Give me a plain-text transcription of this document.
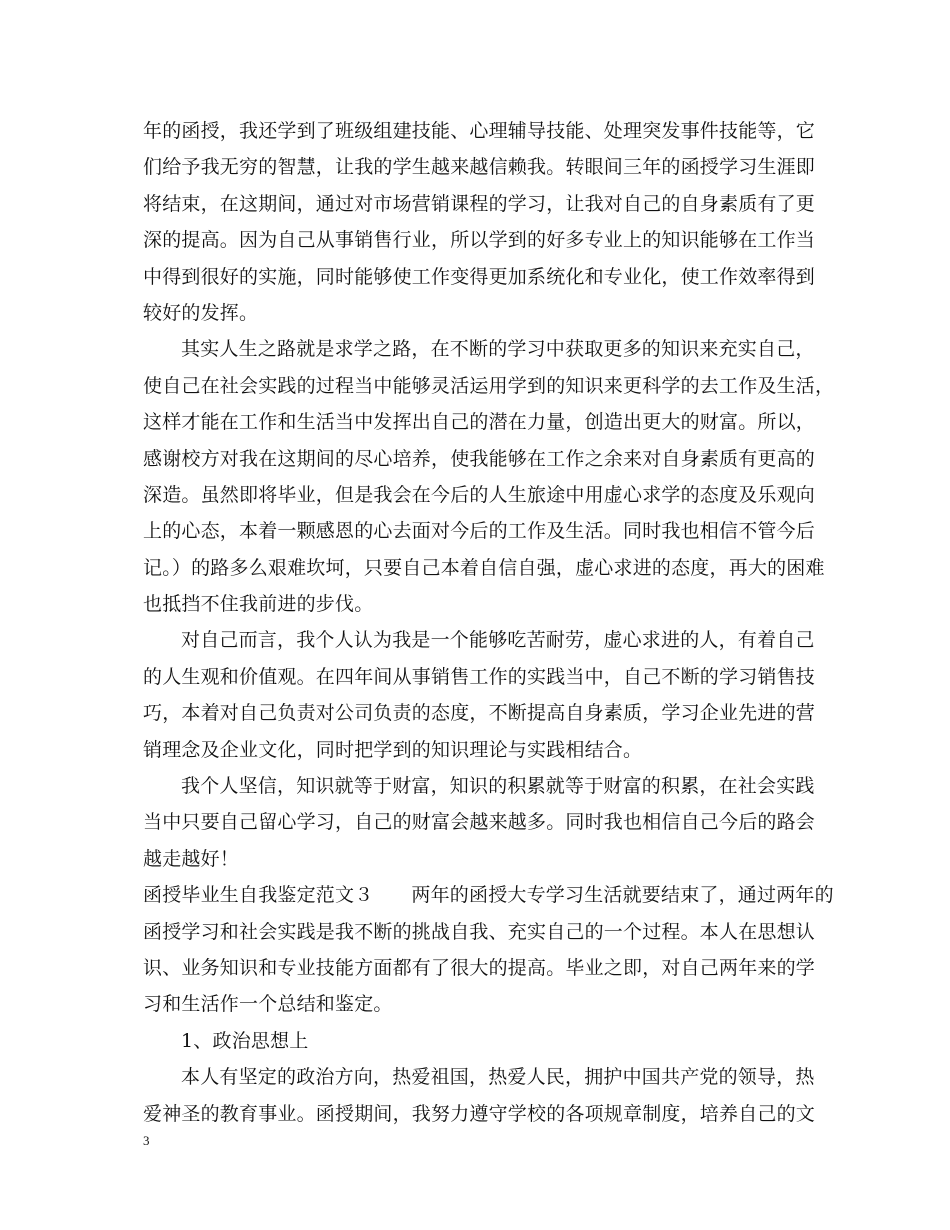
年的函授，我还学到了班级组建技能、心理辅导技能、处理突发事件技能等，它
们给予我无穷的智慧，让我的学生越来越信赖我。转眼间三年的函授学习生涯即
将结束，在这期间，通过对市场营销课程的学习，让我对自己的自身素质有了更
深的提高。因为自己从事销售行业，所以学到的好多专业上的知识能够在工作当
中得到很好的实施，同时能够使工作变得更加系统化和专业化，使工作效率得到
较好的发挥。
其实人生之路就是求学之路，在不断的学习中获取更多的知识来充实自己，
使自己在社会实践的过程当中能够灵活运用学到的知识来更科学的去工作及生活，
这样才能在工作和生活当中发挥出自己的潜在力量，创造出更大的财富。所以，
感谢校方对我在这期间的尽心培养，使我能够在工作之余来对自身素质有更高的
深造。虽然即将毕业，但是我会在今后的人生旅途中用虚心求学的态度及乐观向
上的心态，本着一颗感恩的心去面对今后的工作及生活。同时我也相信不管今后
记。）的路多么艰难坎坷，只要自己本着自信自强，虚心求进的态度，再大的困难
也抵挡不住我前进的步伐。
对自己而言，我个人认为我是一个能够吃苦耐劳，虚心求进的人，有着自己
的人生观和价值观。在四年间从事销售工作的实践当中，自己不断的学习销售技
巧，本着对自己负责对公司负责的态度，不断提高自身素质，学习企业先进的营
销理念及企业文化，同时把学到的知识理论与实践相结合。
我个人坚信，知识就等于财富，知识的积累就等于财富的积累，在社会实践
当中只要自己留心学习，自己的财富会越来越多。同时我也相信自己今后的路会
越走越好！
函授毕业生自我鉴定范文３ 两年的函授大专学习生活就要结束了，通过两年的
函授学习和社会实践是我不断的挑战自我、充实自己的一个过程。本人在思想认
识、业务知识和专业技能方面都有了很大的提高。毕业之即，对自己两年来的学
习和生活作一个总结和鉴定。
1、政治思想上
本人有坚定的政治方向，热爱祖国，热爱人民，拥护中国共产党的领导，热
爱神圣的教育事业。函授期间，我努力遵守学校的各项规章制度，培养自己的文
3
